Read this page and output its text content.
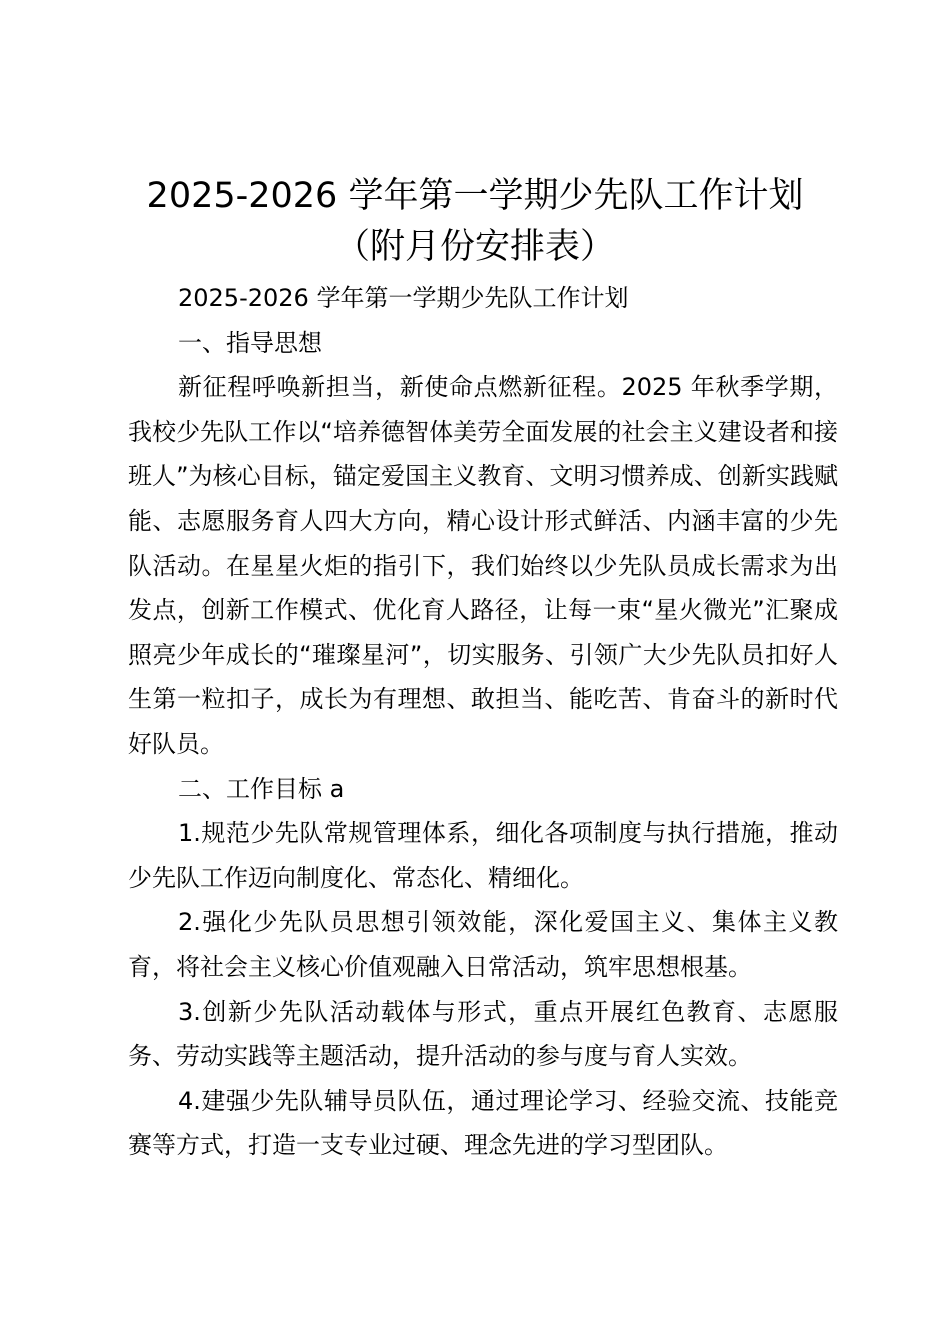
2025-2026 学年第一学期少先队工作计划
（附月份安排表）

2025-2026 学年第一学期少先队工作计划

一、指导思想

新征程呼唤新担当，新使命点燃新征程。2025 年秋季学期，我校少先队工作以“培养德智体美劳全面发展的社会主义建设者和接班人”为核心目标，锚定爱国主义教育、文明习惯养成、创新实践赋能、志愿服务育人四大方向，精心设计形式鲜活、内涵丰富的少先队活动。在星星火炬的指引下，我们始终以少先队员成长需求为出发点，创新工作模式、优化育人路径，让每一束“星火微光”汇聚成照亮少年成长的“璀璨星河”，切实服务、引领广大少先队员扣好人生第一粒扣子，成长为有理想、敢担当、能吃苦、肯奋斗的新时代好队员。

二、工作目标 a

1.规范少先队常规管理体系，细化各项制度与执行措施，推动少先队工作迈向制度化、常态化、精细化。

2.强化少先队员思想引领效能，深化爱国主义、集体主义教育，将社会主义核心价值观融入日常活动，筑牢思想根基。

3.创新少先队活动载体与形式，重点开展红色教育、志愿服务、劳动实践等主题活动，提升活动的参与度与育人实效。

4.建强少先队辅导员队伍，通过理论学习、经验交流、技能竞赛等方式，打造一支专业过硬、理念先进的学习型团队。
